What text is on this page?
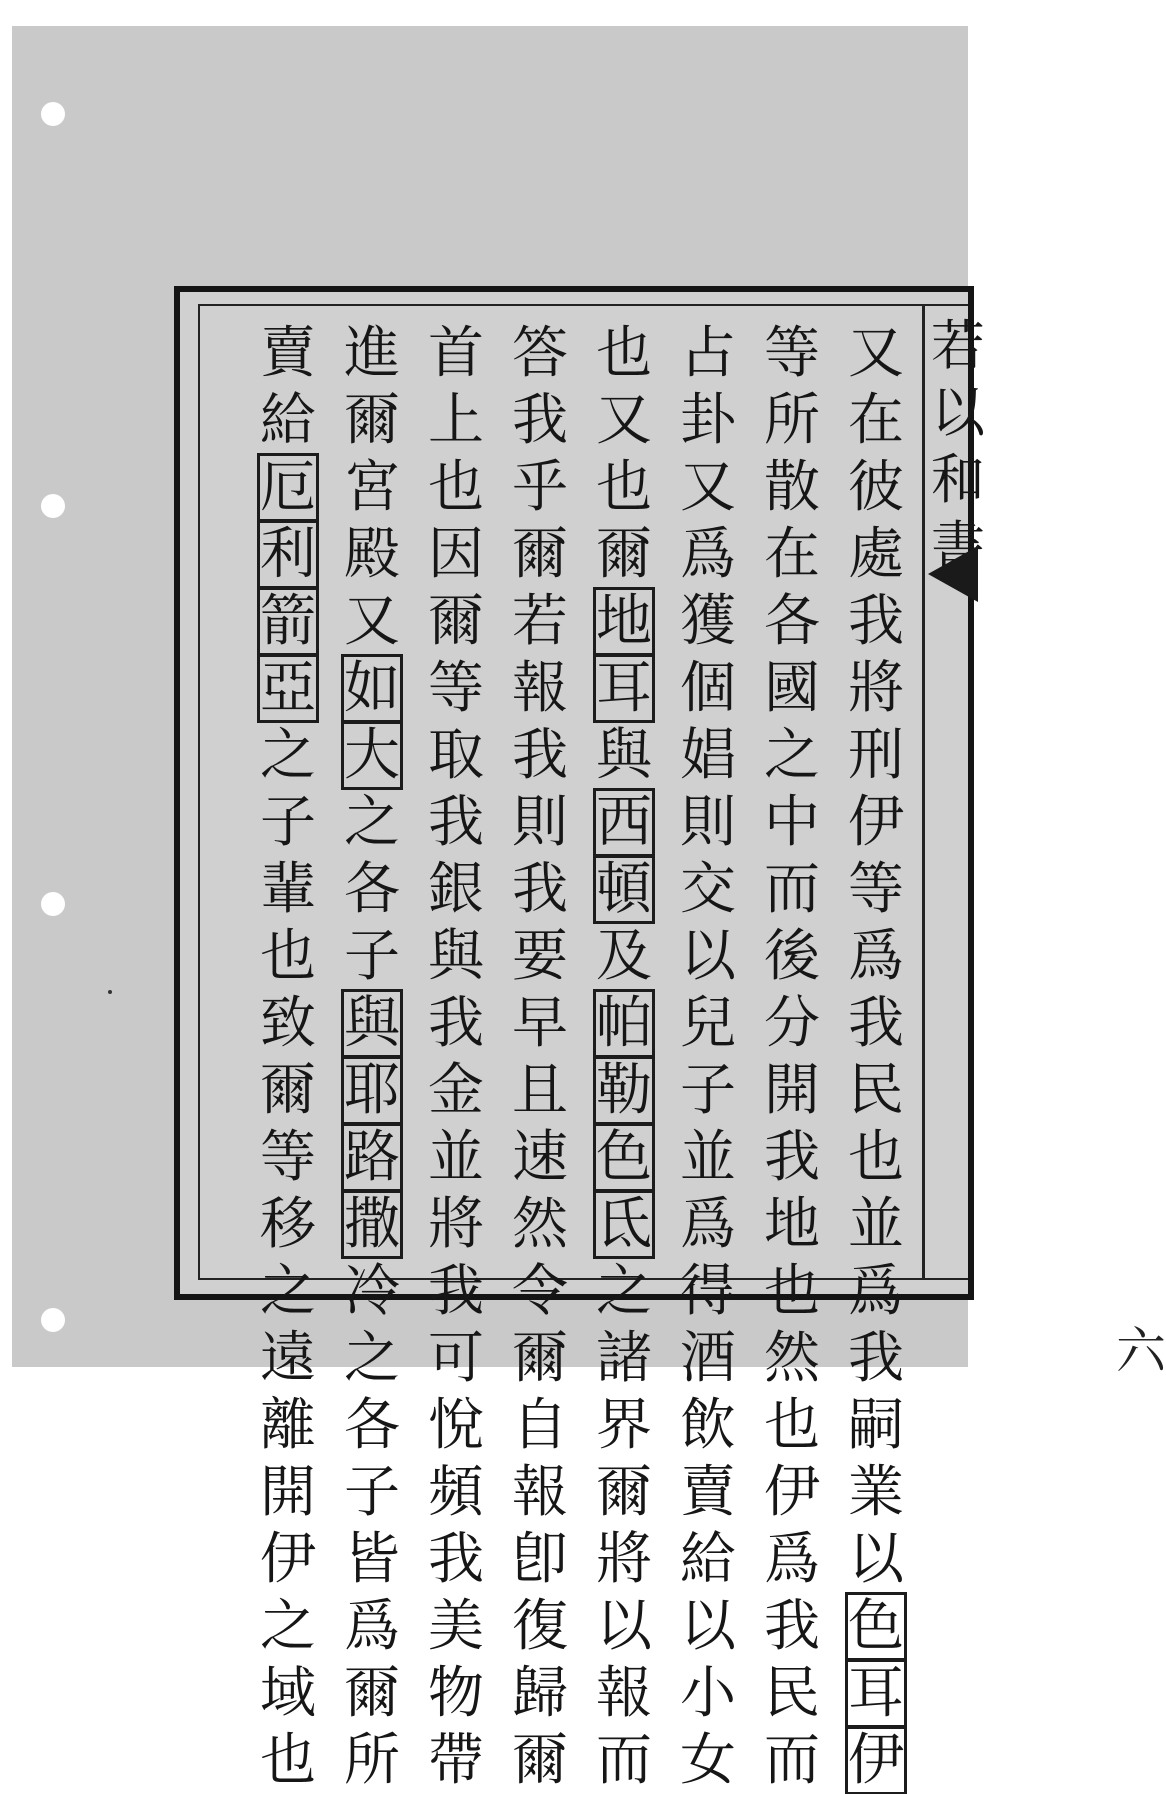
若
以
和
書
六
又
在
彼
處
我
將
刑
伊
等
爲
我
民
也
並
爲
我
嗣
業
以
色
耳
伊
等
所
散
在
各
國
之
中
而
後
分
開
我
地
也
然
也
伊
爲
我
民
而
占
卦
又
爲
獲
個
娼
則
交
以
兒
子
並
爲
得
酒
飲
賣
給
以
小
女
也
又
也
爾
地
耳
與
西
頓
及
帕
勒
色
氐
之
諸
界
爾
將
以
報
而
答
我
乎
爾
若
報
我
則
我
要
早
且
速
然
令
爾
自
報
卽
復
歸
爾
首
上
也
因
爾
等
取
我
銀
與
我
金
並
將
我
可
悅
頻
我
美
物
帶
進
爾
宮
殿
又
如
大
之
各
子
與
耶
路
撒
冷
之
各
子
皆
爲
爾
所
賣
給
厄
利
箭
亞
之
子
輩
也
致
爾
等
移
之
遠
離
開
伊
之
域
也
